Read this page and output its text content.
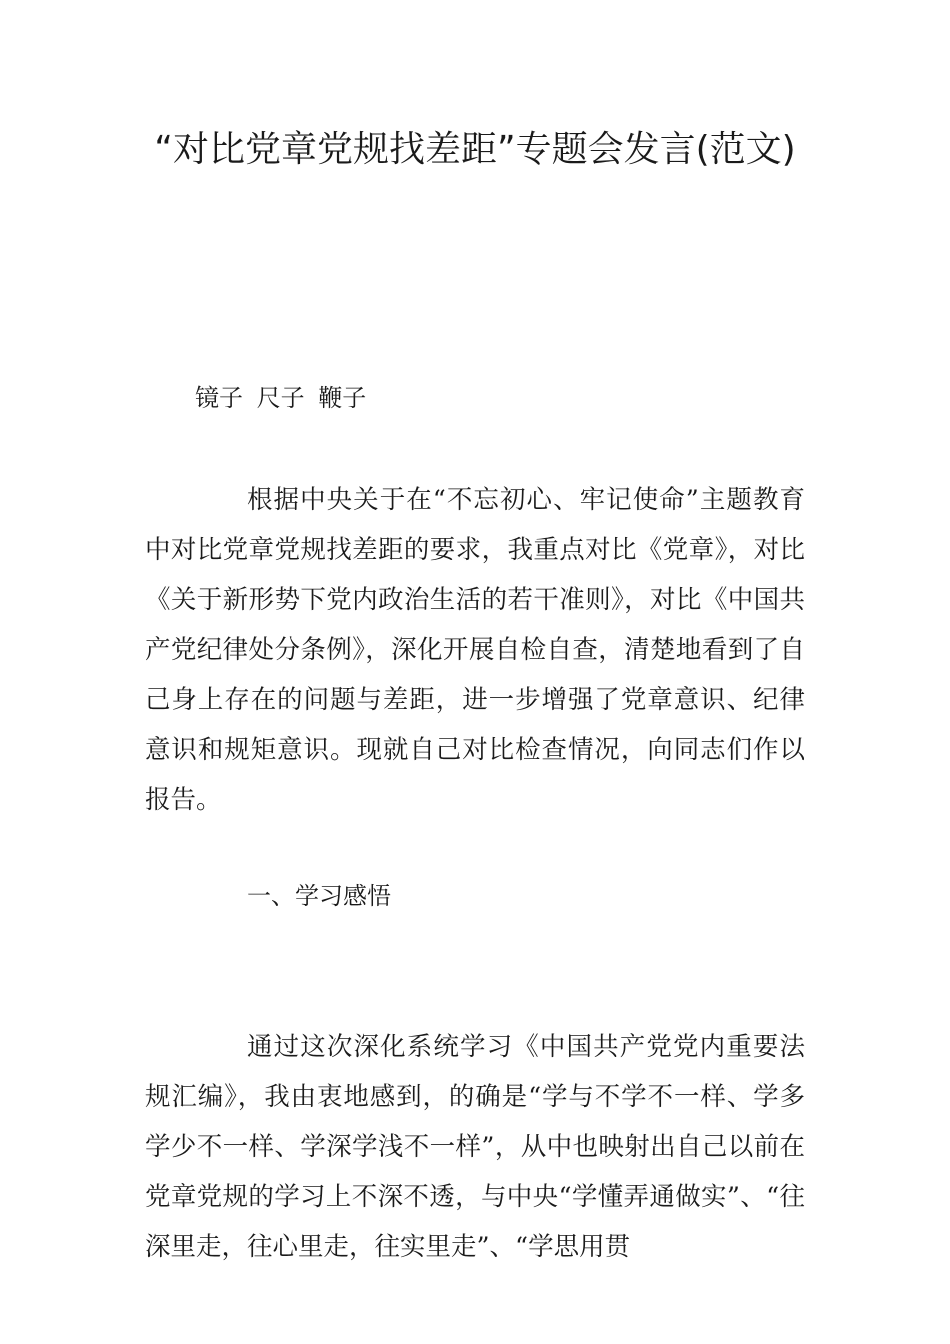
“对比党章党规找差距”专题会发言(范文)

镜子 尺子 鞭子

根据中央关于在“不忘初心、牢记使命”主题教育中对比党章党规找差距的要求，我重点对比《党章》，对比《关于新形势下党内政治生活的若干准则》，对比《中国共产党纪律处分条例》，深化开展自检自查，清楚地看到了自己身上存在的问题与差距，进一步增强了党章意识、纪律意识和规矩意识。现就自己对比检查情况，向同志们作以报告。

一、学习感悟

通过这次深化系统学习《中国共产党党内重要法规汇编》，我由衷地感到，的确是“学与不学不一样、学多学少不一样、学深学浅不一样”，从中也映射出自己以前在党章党规的学习上不深不透，与中央“学懂弄通做实”、“往深里走，往心里走，往实里走”、“学思用贯
